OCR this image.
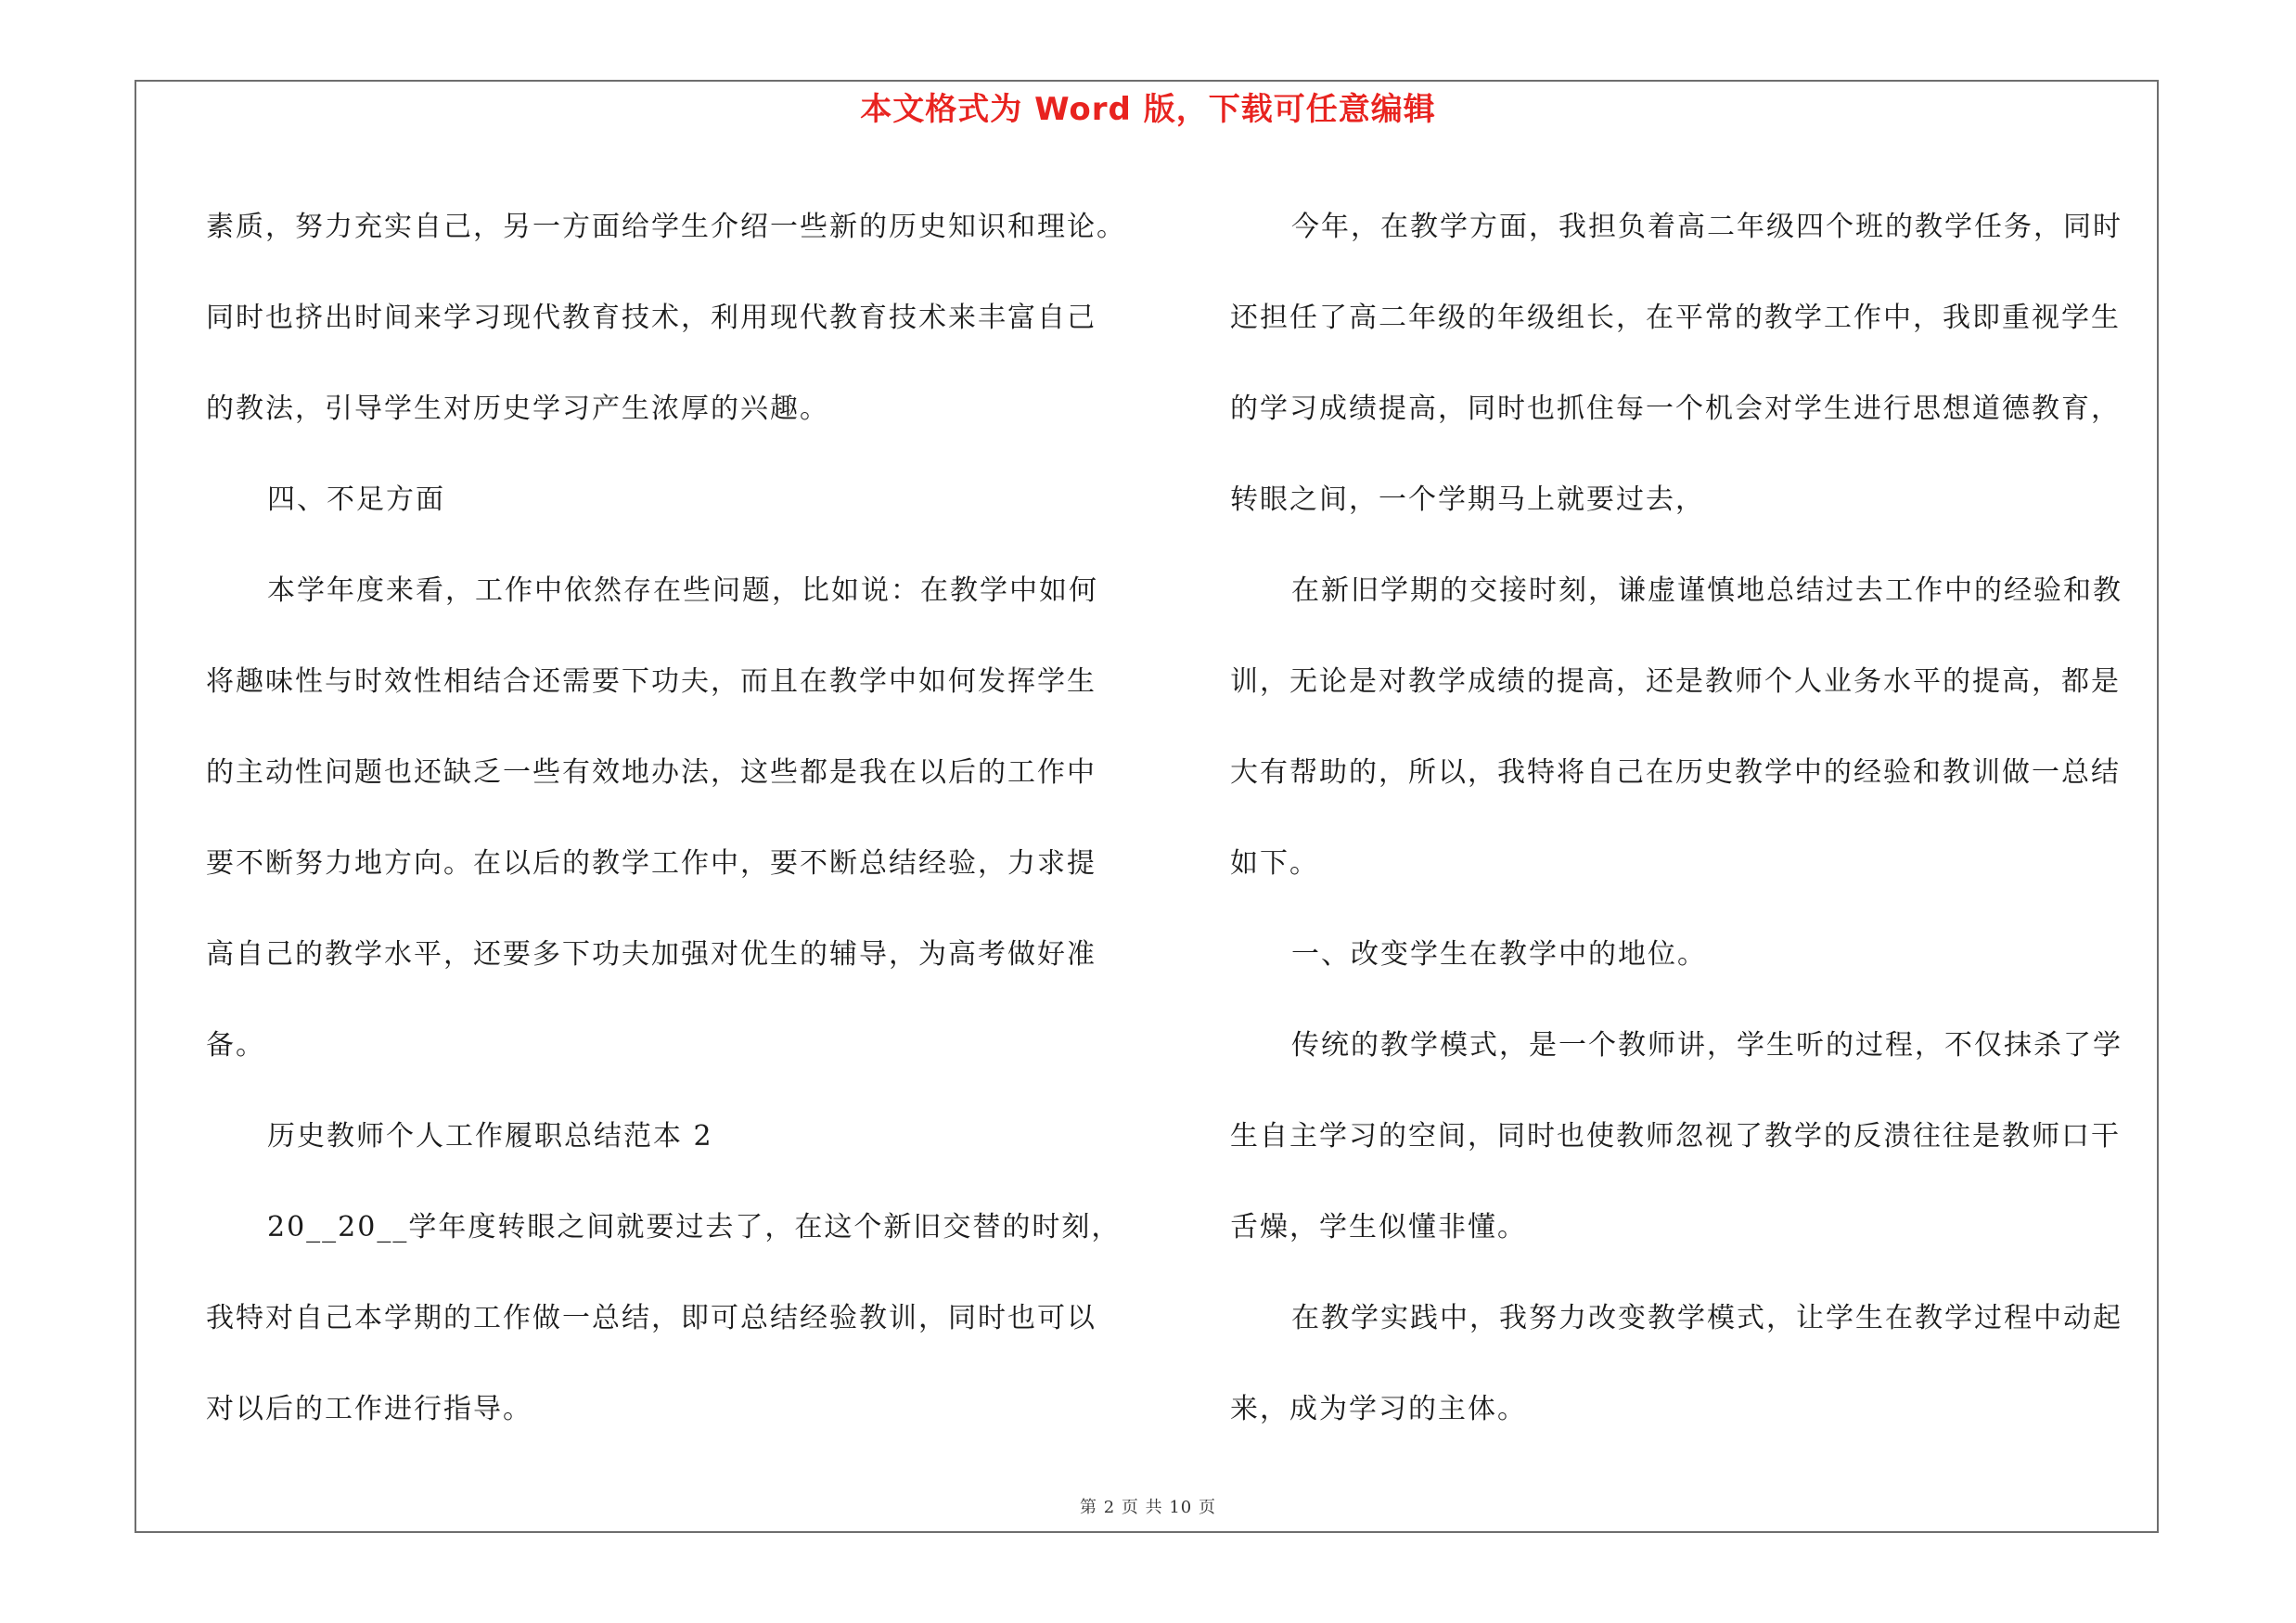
本文格式为 Word 版，下载可任意编辑
素质，努力充实自己，另一方面给学生介绍一些新的历史知识和理论。
同时也挤出时间来学习现代教育技术，利用现代教育技术来丰富自己
的教法，引导学生对历史学习产生浓厚的兴趣。
四、不足方面
本学年度来看，工作中依然存在些问题，比如说：在教学中如何
将趣味性与时效性相结合还需要下功夫，而且在教学中如何发挥学生
的主动性问题也还缺乏一些有效地办法，这些都是我在以后的工作中
要不断努力地方向。在以后的教学工作中，要不断总结经验，力求提
高自己的教学水平，还要多下功夫加强对优生的辅导，为高考做好准
备。
历史教师个人工作履职总结范本 2
20__20__学年度转眼之间就要过去了，在这个新旧交替的时刻，
我特对自己本学期的工作做一总结，即可总结经验教训，同时也可以
对以后的工作进行指导。
今年，在教学方面，我担负着高二年级四个班的教学任务，同时
还担任了高二年级的年级组长，在平常的教学工作中，我即重视学生
的学习成绩提高，同时也抓住每一个机会对学生进行思想道德教育，
转眼之间，一个学期马上就要过去，
在新旧学期的交接时刻，谦虚谨慎地总结过去工作中的经验和教
训，无论是对教学成绩的提高，还是教师个人业务水平的提高，都是
大有帮助的，所以，我特将自己在历史教学中的经验和教训做一总结
如下。
一、改变学生在教学中的地位。
传统的教学模式，是一个教师讲，学生听的过程，不仅抹杀了学
生自主学习的空间，同时也使教师忽视了教学的反溃往往是教师口干
舌燥，学生似懂非懂。
在教学实践中，我努力改变教学模式，让学生在教学过程中动起
来，成为学习的主体。
第 2 页 共 10 页
